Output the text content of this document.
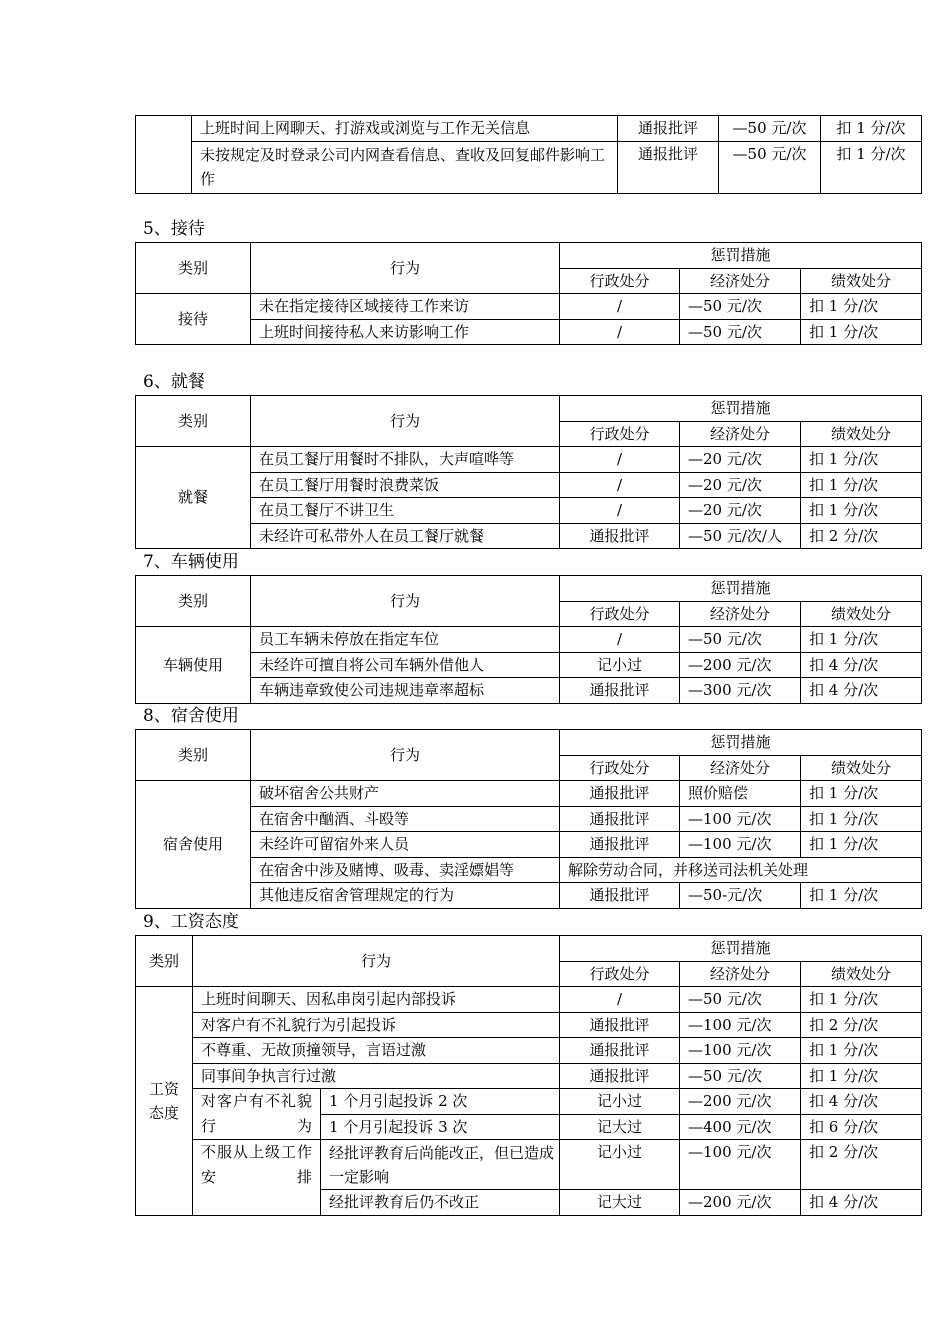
	上班时间上网聊天、打游戏或浏览与工作无关信息	通报批评	—50 元/次	扣 1 分/次
	未按规定及时登录公司内网查看信息、查收及回复邮件影响工作	通报批评	—50 元/次	扣 1 分/次
5、接待
类别	行为	惩罚措施		
		行政处分	经济处分	绩效处分
接待	未在指定接待区域接待工作来访	/	—50 元/次	扣 1 分/次
	上班时间接待私人来访影响工作	/	—50 元/次	扣 1 分/次
6、就餐
类别	行为	惩罚措施		
		行政处分	经济处分	绩效处分
就餐	在员工餐厅用餐时不排队，大声喧哗等	/	—20 元/次	扣 1 分/次
	在员工餐厅用餐时浪费菜饭	/	—20 元/次	扣 1 分/次
	在员工餐厅不讲卫生	/	—20 元/次	扣 1 分/次
	未经许可私带外人在员工餐厅就餐	通报批评	—50 元/次/人	扣 2 分/次
7、车辆使用
类别	行为	惩罚措施		
		行政处分	经济处分	绩效处分
车辆使用	员工车辆未停放在指定车位	/	—50 元/次	扣 1 分/次
	未经许可擅自将公司车辆外借他人	记小过	—200 元/次	扣 4 分/次
	车辆违章致使公司违规违章率超标	通报批评	—300 元/次	扣 4 分/次
8、宿舍使用
类别	行为	惩罚措施		
		行政处分	经济处分	绩效处分
宿舍使用	破坏宿舍公共财产	通报批评	照价赔偿	扣 1 分/次
	在宿舍中酗酒、斗殴等	通报批评	—100 元/次	扣 1 分/次
	未经许可留宿外来人员	通报批评	—100 元/次	扣 1 分/次
	在宿舍中涉及赌博、吸毒、卖淫嫖娼等	解除劳动合同，并移送司法机关处理		
	其他违反宿舍管理规定的行为	通报批评	—50-元/次	扣 1 分/次
9、工资态度
类别	行为		惩罚措施		
			行政处分	经济处分	绩效处分
工资态度	上班时间聊天、因私串岗引起内部投诉		/	—50 元/次	扣 1 分/次
	对客户有不礼貌行为引起投诉		通报批评	—100 元/次	扣 2 分/次
	不尊重、无故顶撞领导，言语过激		通报批评	—100 元/次	扣 1 分/次
	同事间争执言行过激		通报批评	—50 元/次	扣 1 分/次
	对客户有不礼貌行为	1 个月引起投诉 2 次	记小过	—200 元/次	扣 4 分/次
		1 个月引起投诉 3 次	记大过	—400 元/次	扣 6 分/次
	不服从上级工作安排	经批评教育后尚能改正，但已造成一定影响	记小过	—100 元/次	扣 2 分/次

		经批评教育后仍不改正	记大过	—200 元/次	扣 4 分/次
